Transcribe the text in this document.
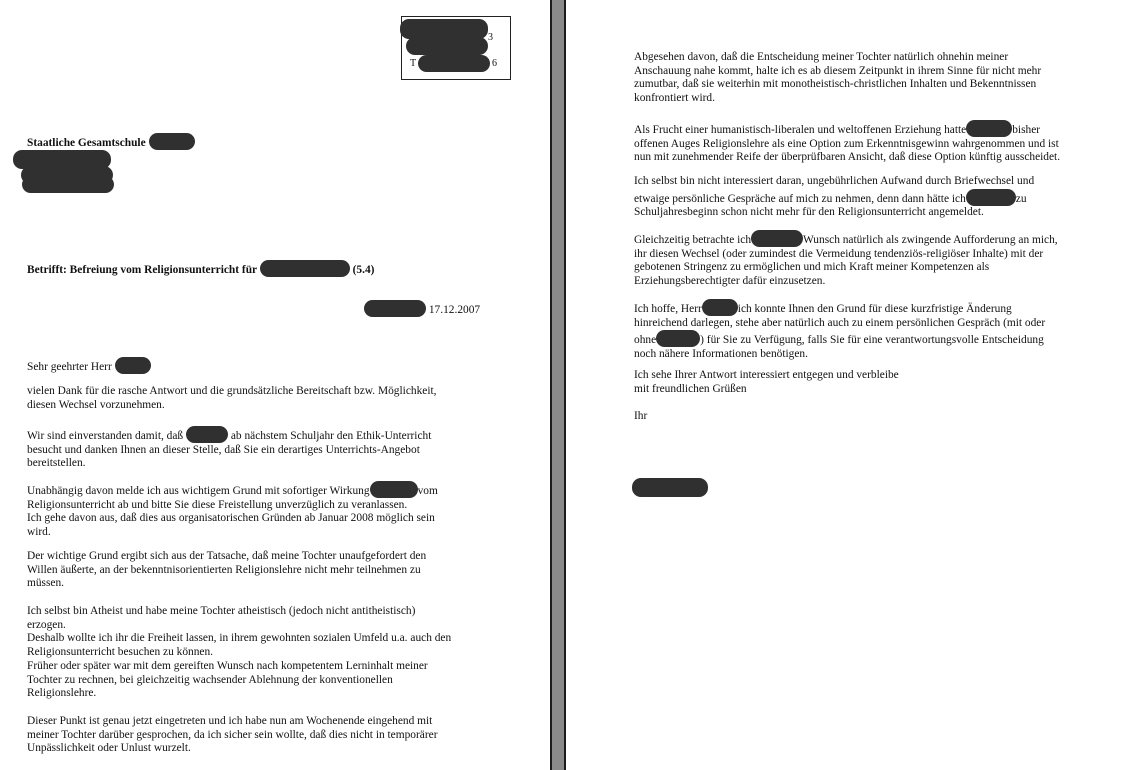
3
T	6
Staatliche Gesamtschule
Betrifft: Befreiung vom Religionsunterricht für	(5.4)
17.12.2007
Sehr geehrter Herr
vielen Dank für die rasche Antwort und die grundsätzliche Bereitschaft bzw. Möglichkeit,
diesen Wechsel vorzunehmen.
Wir sind einverstanden damit, daß	ab nächstem Schuljahr den Ethik-Unterricht
besucht und danken Ihnen an dieser Stelle, daß Sie ein derartiges Unterrichts-Angebot
bereitstellen.
Unabhängig davon melde ich aus wichtigem Grund mit sofortiger Wirkung	vom
Religionsunterricht ab und bitte Sie diese Freistellung unverzüglich zu veranlassen.
Ich gehe davon aus, daß dies aus organisatorischen Gründen ab Januar 2008 möglich sein
wird.
Der wichtige Grund ergibt sich aus der Tatsache, daß meine Tochter unaufgefordert den
Willen äußerte, an der bekenntnisorientierten Religionslehre nicht mehr teilnehmen zu
müssen.
Ich selbst bin Atheist und habe meine Tochter atheistisch (jedoch nicht antitheistisch)
erzogen.
Deshalb wollte ich ihr die Freiheit lassen, in ihrem gewohnten sozialen Umfeld u.a. auch den
Religionsunterricht besuchen zu können.
Früher oder später war mit dem gereiften Wunsch nach kompetentem Lerninhalt meiner
Tochter zu rechnen, bei gleichzeitig wachsender Ablehnung der konventionellen
Religionslehre.
Dieser Punkt ist genau jetzt eingetreten und ich habe nun am Wochenende eingehend mit
meiner Tochter darüber gesprochen, da ich sicher sein wollte, daß dies nicht in temporärer
Unpässlichkeit oder Unlust wurzelt.
Abgesehen davon, daß die Entscheidung meiner Tochter natürlich ohnehin meiner
Anschauung nahe kommt, halte ich es ab diesem Zeitpunkt in ihrem Sinne für nicht mehr
zumutbar, daß sie weiterhin mit monotheistisch-christlichen Inhalten und Bekenntnissen
konfrontiert wird.
Als Frucht einer humanistisch-liberalen und weltoffenen Erziehung hatte	bisher
offenen Auges Religionslehre als eine Option zum Erkenntnisgewinn wahrgenommen und ist
nun mit zunehmender Reife der überprüfbaren Ansicht, daß diese Option künftig ausscheidet.
Ich selbst bin nicht interessiert daran, ungebührlichen Aufwand durch Briefwechsel und
etwaige persönliche Gespräche auf mich zu nehmen, denn dann hätte ich	zu
Schuljahresbeginn schon nicht mehr für den Religionsunterricht angemeldet.
Gleichzeitig betrachte ich	Wunsch natürlich als zwingende Aufforderung an mich,
ihr diesen Wechsel (oder zumindest die Vermeidung tendenziös-religiöser Inhalte) mit der
gebotenen Stringenz zu ermöglichen und mich Kraft meiner Kompetenzen als
Erziehungsberechtigter dafür einzusetzen.
Ich hoffe, Herr	ich konnte Ihnen den Grund für diese kurzfristige Änderung
hinreichend darlegen, stehe aber natürlich auch zu einem persönlichen Gespräch (mit oder
ohne	) für Sie zu Verfügung, falls Sie für eine verantwortungsvolle Entscheidung
noch nähere Informationen benötigen.
Ich sehe Ihrer Antwort interessiert entgegen und verbleibe
mit freundlichen Grüßen
Ihr
